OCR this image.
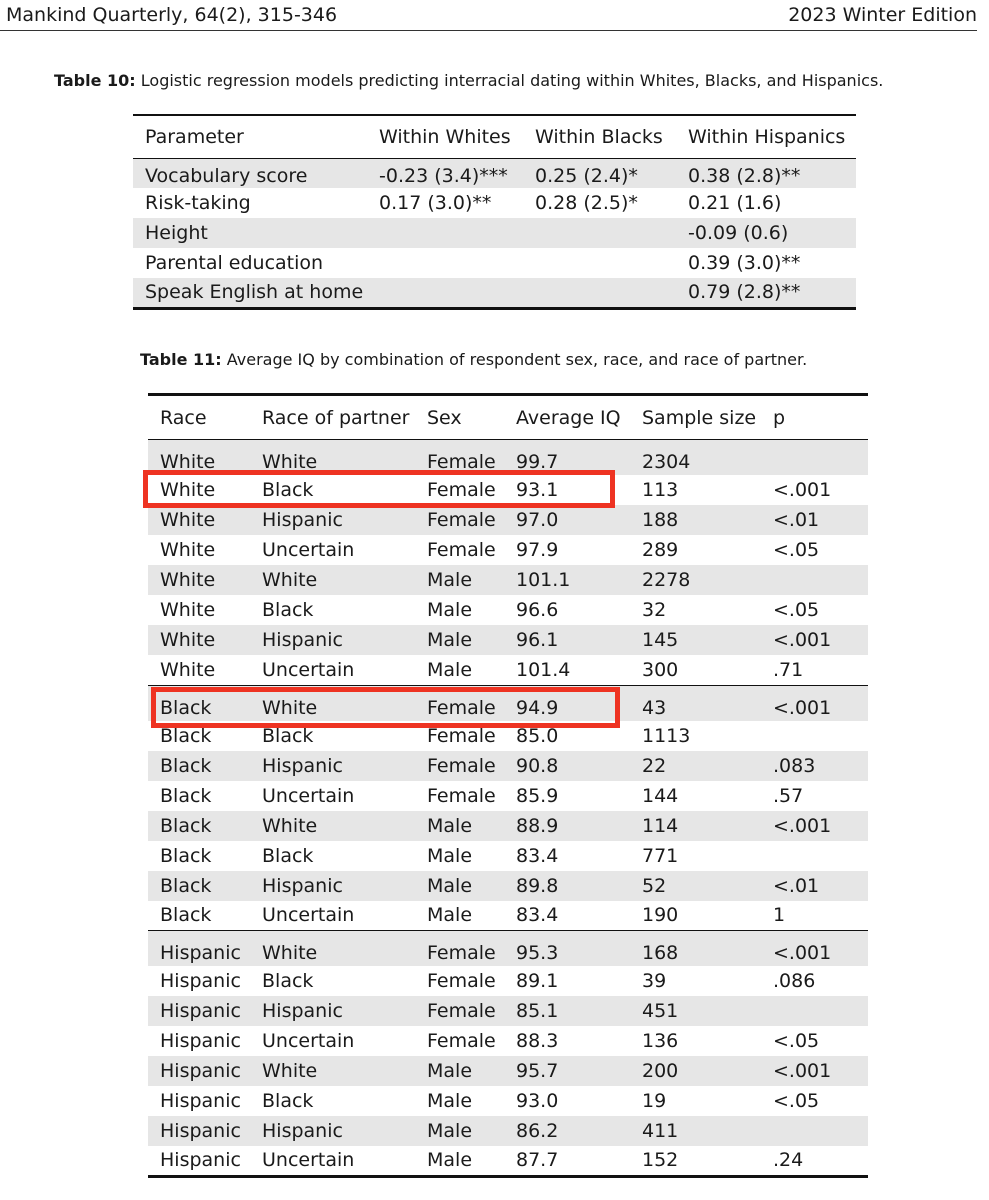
Mankind Quarterly, 64(2), 315-346	2023 Winter Edition
Table 10: Logistic regression models predicting interracial dating within Whites, Blacks, and Hispanics.
Parameter	Within Whites	Within Blacks	Within Hispanics
Vocabulary score	-0.23 (3.4)***	0.25 (2.4)*	0.38 (2.8)**
Risk-taking	0.17 (3.0)**	0.28 (2.5)*	0.21 (1.6)
Height			-0.09 (0.6)
Parental education			0.39 (3.0)**
Speak English at home			0.79 (2.8)**
Table 11: Average IQ by combination of respondent sex, race, and race of partner.
Race	Race of partner	Sex	Average IQ	Sample size	p
White	White	Female	99.7	2304	
White	Black	Female	93.1	113	<.001
White	Hispanic	Female	97.0	188	<.01
White	Uncertain	Female	97.9	289	<.05
White	White	Male	101.1	2278	
White	Black	Male	96.6	32	<.05
White	Hispanic	Male	96.1	145	<.001
White	Uncertain	Male	101.4	300	.71
Black	White	Female	94.9	43	<.001
Black	Black	Female	85.0	1113	
Black	Hispanic	Female	90.8	22	.083
Black	Uncertain	Female	85.9	144	.57
Black	White	Male	88.9	114	<.001
Black	Black	Male	83.4	771	
Black	Hispanic	Male	89.8	52	<.01
Black	Uncertain	Male	83.4	190	1
Hispanic	White	Female	95.3	168	<.001
Hispanic	Black	Female	89.1	39	.086
Hispanic	Hispanic	Female	85.1	451	
Hispanic	Uncertain	Female	88.3	136	<.05
Hispanic	White	Male	95.7	200	<.001
Hispanic	Black	Male	93.0	19	<.05
Hispanic	Hispanic	Male	86.2	411	
Hispanic	Uncertain	Male	87.7	152	.24
